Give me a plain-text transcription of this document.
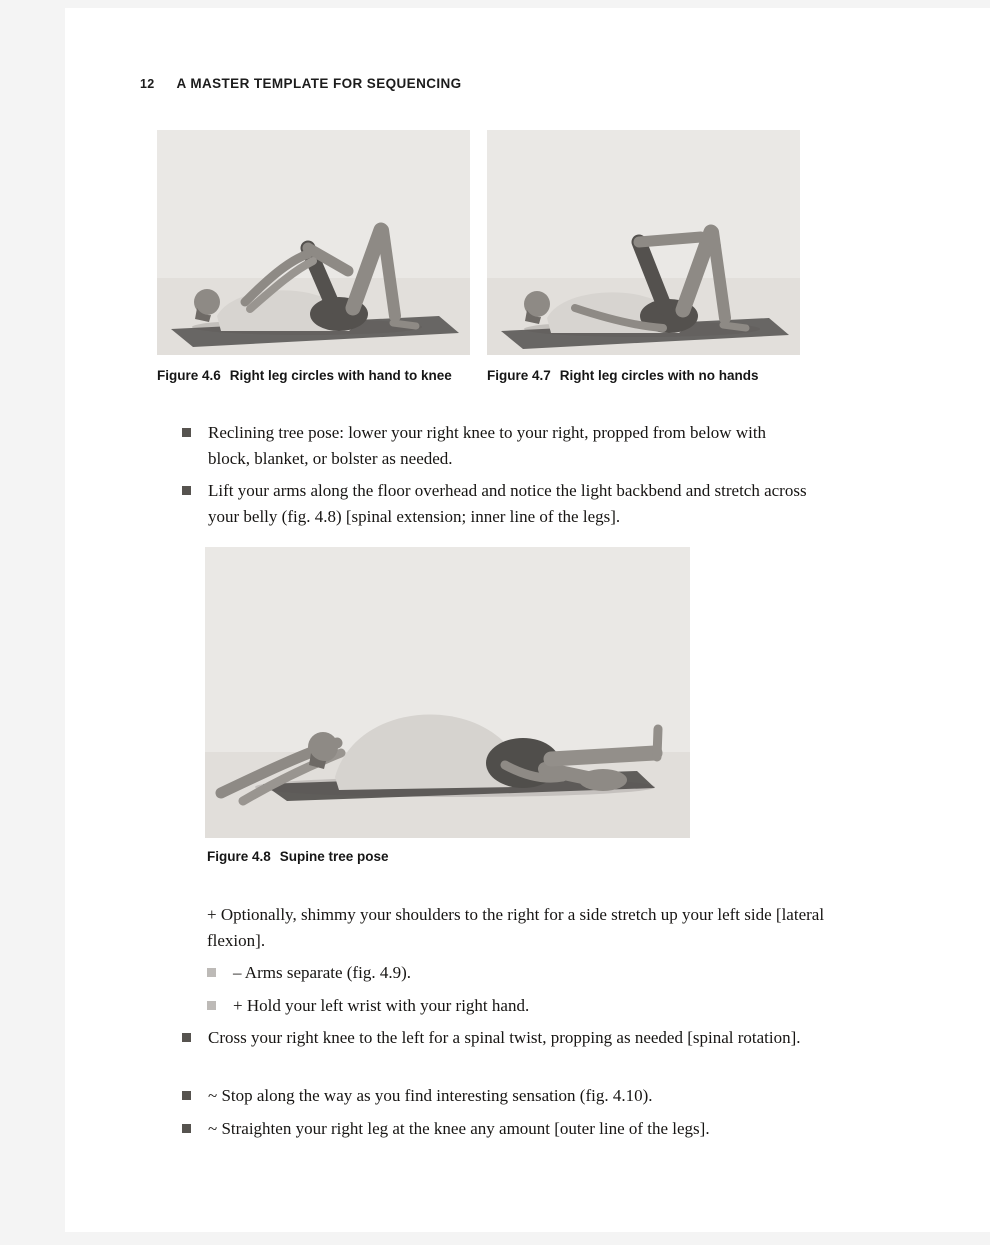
12 A MASTER TEMPLATE FOR SEQUENCING
Figure 4.6 Right leg circles with hand to knee	Figure 4.7 Right leg circles with no hands
Reclining tree pose: lower your right knee to your right, propped from below with block, blanket, or bolster as needed.
Lift your arms along the floor overhead and notice the light backbend and stretch across your belly (fig. 4.8) [spinal extension; inner line of the legs].
Figure 4.8 Supine tree pose
+ Optionally, shimmy your shoulders to the right for a side stretch up your left side [lateral flexion].
– Arms separate (fig. 4.9).
+ Hold your left wrist with your right hand.
Cross your right knee to the left for a spinal twist, propping as needed [spinal rotation].
~ Stop along the way as you find interesting sensation (fig. 4.10).
~ Straighten your right leg at the knee any amount [outer line of the legs].
